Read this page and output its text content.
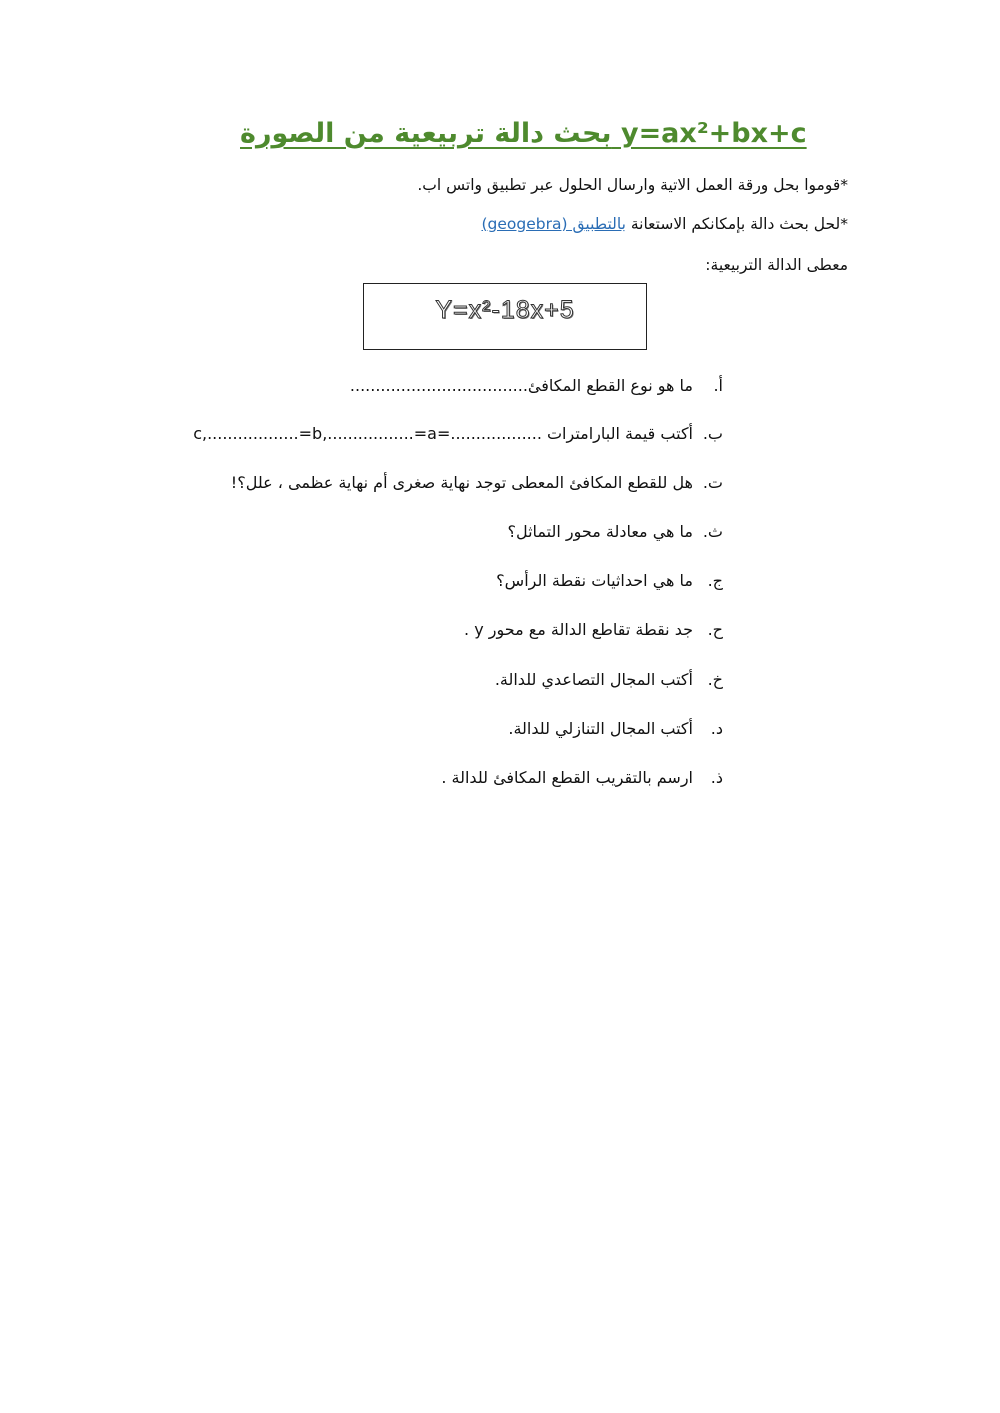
بحث دالة تربيعية من الصورة y=ax²+bx+c
*قوموا بحل ورقة العمل الاتية وارسال الحلول عبر تطبيق واتس اب.
*لحل بحث دالة بإمكانكم الاستعانة بالتطبيق (geogebra)
معطى الدالة التربيعية:
Y=x²-18x+5
أ.ما هو نوع القطع المكافئ...................................
ب.أكتب قيمة البارامترات ..................=c,..................=b,.................=a
ت.هل للقطع المكافئ المعطى توجد نهاية صغرى أم نهاية عظمى ، علل؟!
ث.ما هي معادلة محور التماثل؟
ج.ما هي احداثيات نقطة الرأس؟
ح.جد نقطة تقاطع الدالة مع محور y .
خ.أكتب المجال التصاعدي للدالة.
د.أكتب المجال التنازلي للدالة.
ذ.ارسم بالتقريب القطع المكافئ للدالة .
